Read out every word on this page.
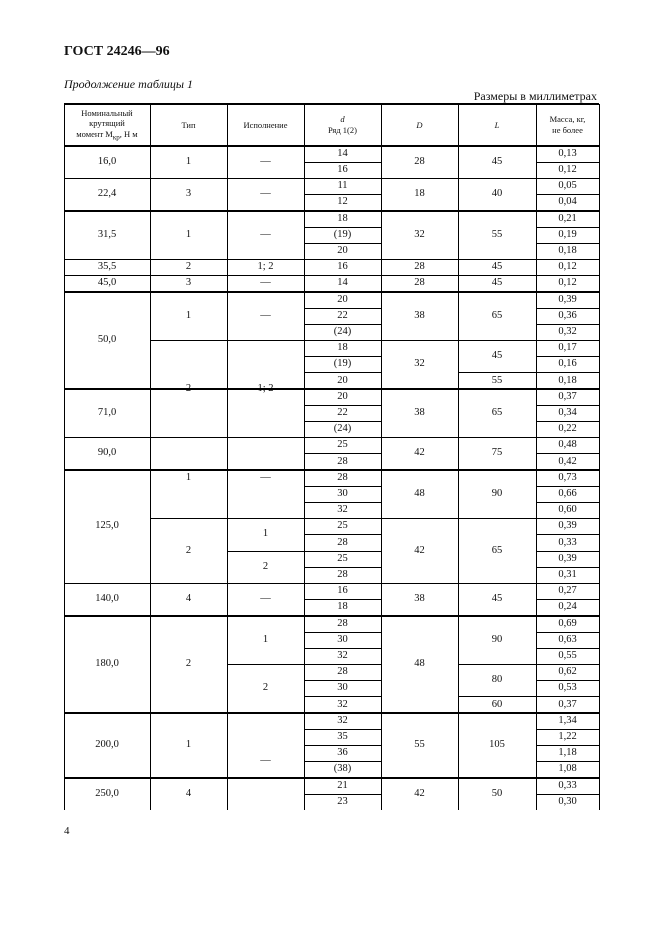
ГОСТ 24246—96
Продолжение таблицы 1
Размеры в миллиметрах
Номинальный
крутящий
момент $M_{кр}$, Н м
Тип	Исполнение
d
Ряд 1(2)
D	L
Масса, кг,
не более
16,0
22,4
31,5
35,5
45,0
50,0
71,0
90,0
125,0
140,0
180,0
200,0
250,0
1
3
1
2
3
1
1
2
4
2
1
4
—
—
—
1; 2
—
—
—
1
2
—
1
2
—
28
18
32
28
28
38
32
38
42
48
42
38
48
55
42
45
40
55
45
45
65
45
55
65
75
90
65
45
90
80
60
105
50
14
16
11
12
18
(19)
20
16
14
20
22
(24)
18
(19)
20
20
22
(24)
25
28
28
30
32
25
28
25
28
16
18
28
30
32
28
30
32
32
35
36
(38)
21
23
0,13
0,12
0,05
0,04
0,21
0,19
0,18
0,12
0,12
0,39
0,36
0,32
0,17
0,16
0,18
0,37
0,34
0,22
0,48
0,42
0,73
0,66
0,60
0,39
0,33
0,39
0,31
0,27
0,24
0,69
0,63
0,55
0,62
0,53
0,37
1,34
1,22
1,18
1,08
0,33
0,30
4
